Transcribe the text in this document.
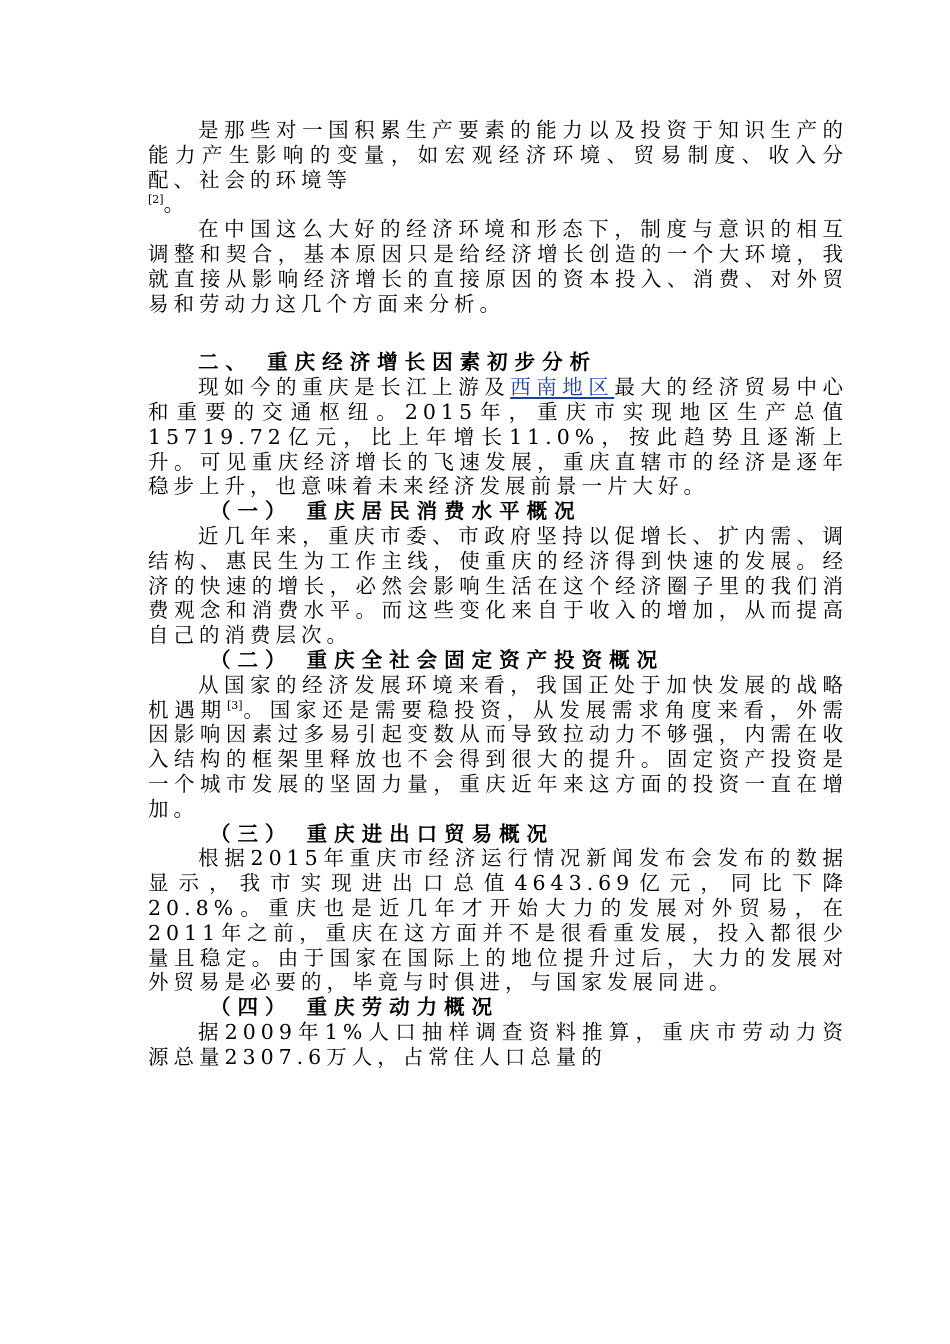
是那些对一国积累生产要素的能力以及投资于知识生产的能力产生影响的变量，如宏观经济环境、贸易制度、收入分配、社会的环境等
[2]。

在中国这么大好的经济环境和形态下，制度与意识的相互调整和契合，基本原因只是给经济增长创造的一个大环境，我就直接从影响经济增长的直接原因的资本投入、消费、对外贸易和劳动力这几个方面来分析。

二、 重庆经济增长因素初步分析

现如今的重庆是长江上游及西南地区最大的经济贸易中心和重要的交通枢纽。2015年，重庆市实现地区生产总值15719.72亿元，比上年增长11.0%，按此趋势且逐渐上升。可见重庆经济增长的飞速发展，重庆直辖市的经济是逐年稳步上升，也意味着未来经济发展前景一片大好。

（一） 重庆居民消费水平概况

近几年来，重庆市委、市政府坚持以促增长、扩内需、调结构、惠民生为工作主线，使重庆的经济得到快速的发展。经济的快速的增长，必然会影响生活在这个经济圈子里的我们消费观念和消费水平。而这些变化来自于收入的增加，从而提高自己的消费层次。

（二） 重庆全社会固定资产投资概况

从国家的经济发展环境来看，我国正处于加快发展的战略机遇期[3]。国家还是需要稳投资，从发展需求角度来看，外需因影响因素过多易引起变数从而导致拉动力不够强，内需在收入结构的框架里释放也不会得到很大的提升。固定资产投资是一个城市发展的坚固力量，重庆近年来这方面的投资一直在增加。

（三） 重庆进出口贸易概况

根据2015年重庆市经济运行情况新闻发布会发布的数据显示，我市实现进出口总值4643.69亿元，同比下降20.8%。重庆也是近几年才开始大力的发展对外贸易，在2011年之前，重庆在这方面并不是很看重发展，投入都很少量且稳定。由于国家在国际上的地位提升过后，大力的发展对外贸易是必要的，毕竟与时俱进，与国家发展同进。

（四） 重庆劳动力概况

据2009年1%人口抽样调查资料推算，重庆市劳动力资源总量2307.6万人，占常住人口总量的
